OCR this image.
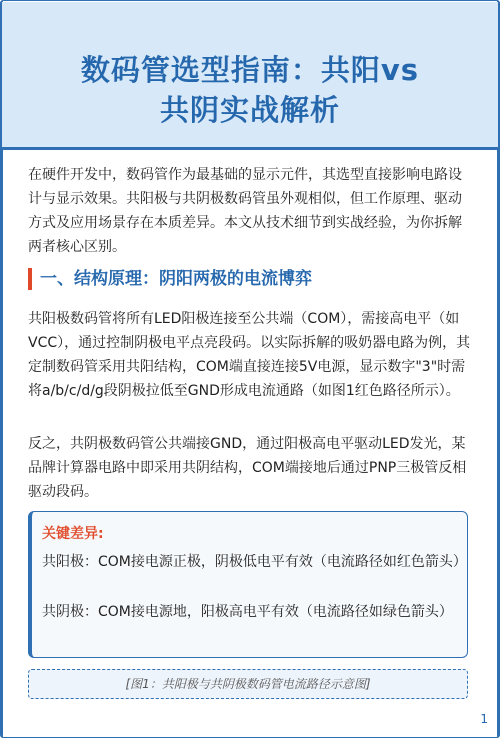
数码管选型指南：共阳vs
共阴实战解析

在硬件开发中，数码管作为最基础的显示元件，其选型直接影响电路设计与显示效果。共阳极与共阴极数码管虽外观相似，但工作原理、驱动方式及应用场景存在本质差异。本文从技术细节到实战经验，为你拆解两者核心区别。

一、结构原理：阴阳两极的电流博弈

共阳极数码管将所有LED阳极连接至公共端（COM），需接高电平（如VCC），通过控制阴极电平点亮段码。以实际拆解的吸奶器电路为例，其定制数码管采用共阳结构，COM端直接连接5V电源，显示数字"3"时需将a/b/c/d/g段阴极拉低至GND形成电流通路（如图1红色路径所示）。

反之，共阴极数码管公共端接GND，通过阳极高电平驱动LED发光，某品牌计算器电路中即采用共阴结构，COM端接地后通过PNP三极管反相驱动段码。

关键差异:
共阳极：COM接电源正极，阴极低电平有效（电流路径如红色箭头）
共阴极：COM接电源地，阳极高电平有效（电流路径如绿色箭头）
[图1：共阳极与共阴极数码管电流路径示意图]
1
